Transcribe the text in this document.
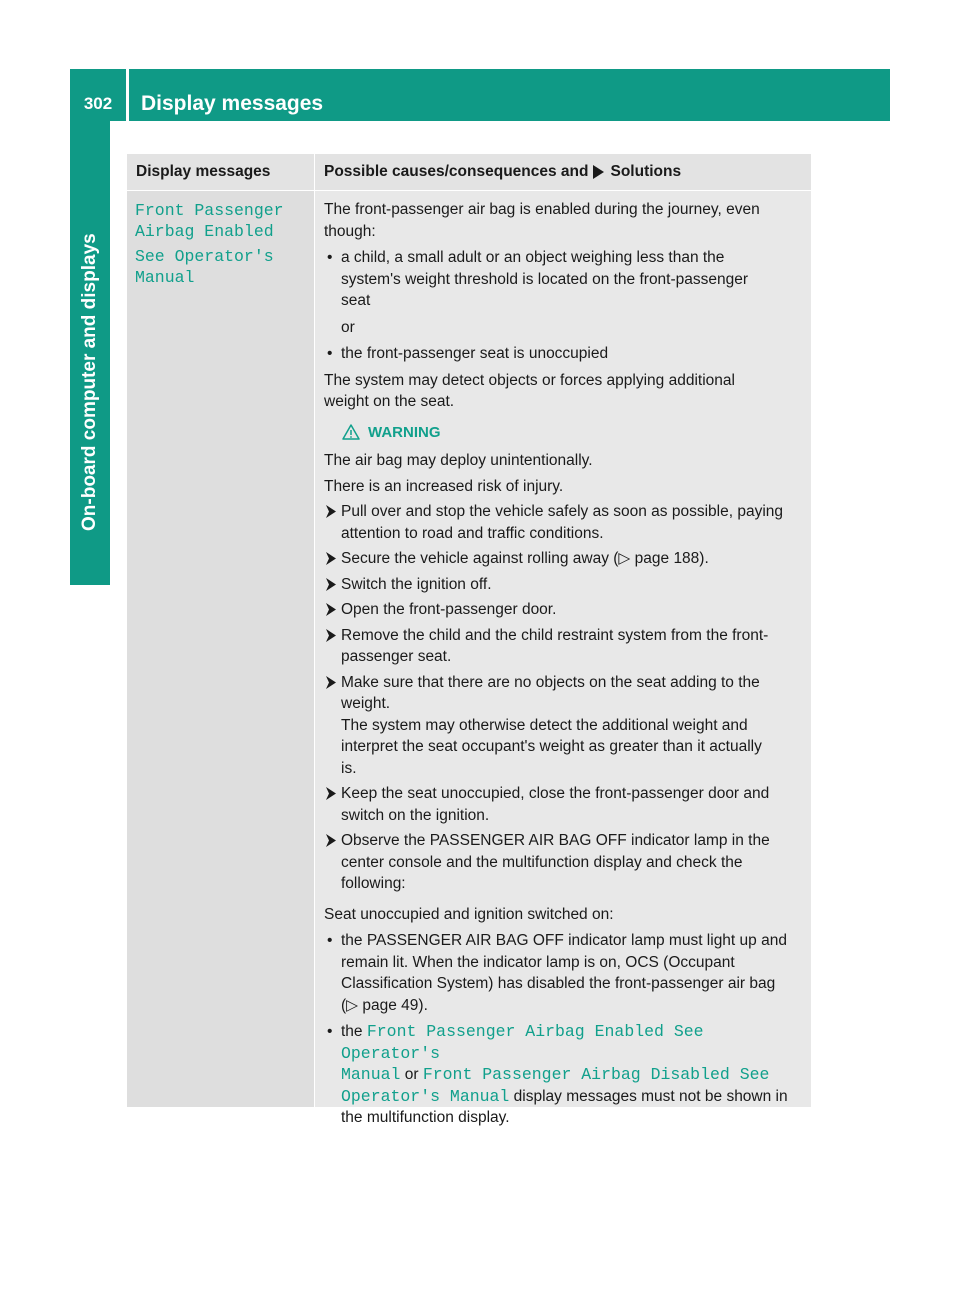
302	Display messages
On-board computer and displays
Display messages	Possible causes/consequences and Solutions
Front Passenger
Airbag Enabled
See Operator's
Manual

The front-passenger air bag is enabled during the journey, even

though:

• a child, a small adult or an object weighing less than the
system's weight threshold is located on the front-passenger
seat
or
• the front-passenger seat is unoccupied

The system may detect objects or forces applying additional

weight on the seat.

WARNING

The air bag may deploy unintentionally.

There is an increased risk of injury.

Pull over and stop the vehicle safely as soon as possible, paying
attention to road and traffic conditions.
Secure the vehicle against rolling away (▷ page 188).
Switch the ignition off.
Open the front-passenger door.
Remove the child and the child restraint system from the front-
passenger seat.
Make sure that there are no objects on the seat adding to the
weight.
The system may otherwise detect the additional weight and
interpret the seat occupant's weight as greater than it actually
is.
Keep the seat unoccupied, close the front-passenger door and
switch on the ignition.
Observe the PASSENGER AIR BAG OFF indicator lamp in the
center console and the multifunction display and check the
following:

Seat unoccupied and ignition switched on:

• the PASSENGER AIR BAG OFF indicator lamp must light up and
remain lit. When the indicator lamp is on, OCS (Occupant
Classification System) has disabled the front-passenger air bag
(▷ page 49).
• the Front Passenger Airbag Enabled See Operator's
Manual or Front Passenger Airbag Disabled See
Operator's Manual display messages must not be shown in
the multifunction display.
